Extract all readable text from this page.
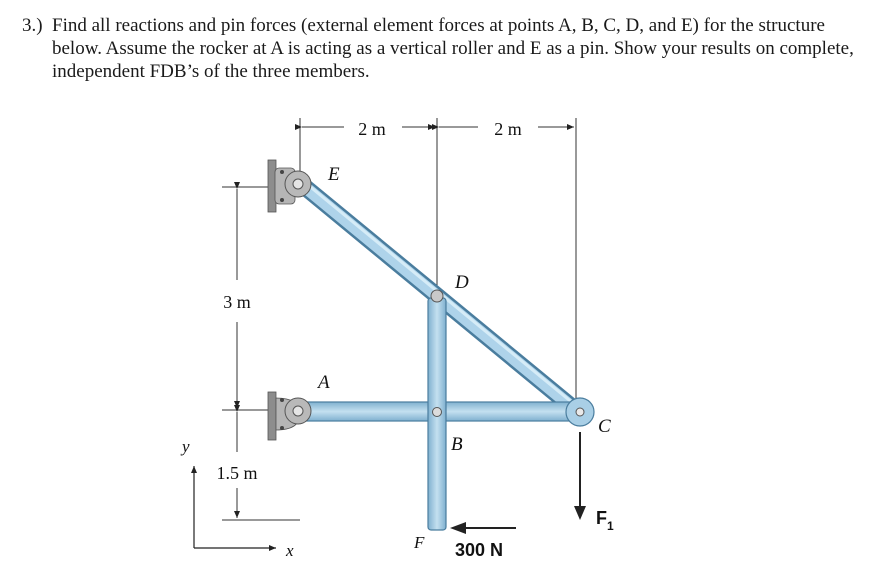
3.) Find all reactions and pin forces (external element forces at points A, B, C, D, and E) for the structure below. Assume the rocker at A is acting as a vertical roller and E as a pin. Show your results on complete, independent FDB’s of the three members.
2 m	2 m
3 m
1.5 m
y
x
E
D
A
B
C
F
$F_1$
300 N
